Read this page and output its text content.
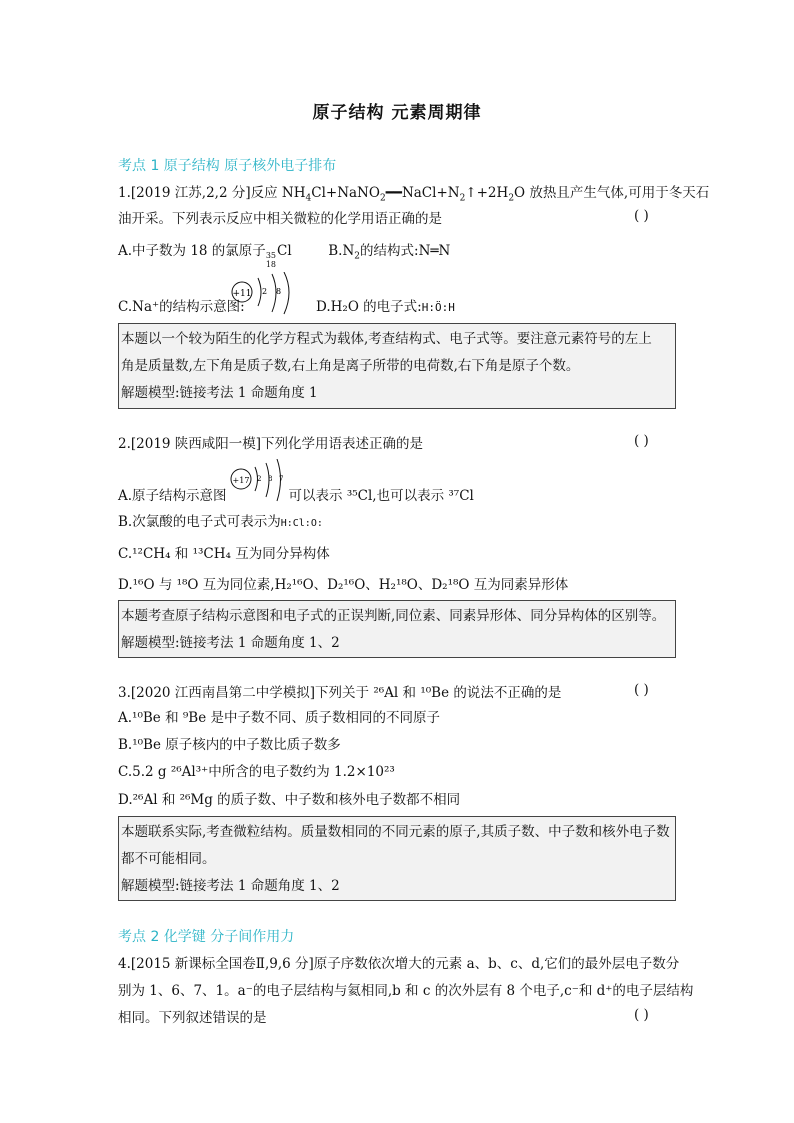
原子结构 元素周期律
考点 1 原子结构 原子核外电子排布
1.[2019 江苏,2,2 分]反应 $NH_4Cl+NaNO_2━━NaCl+N_2↑+2H_2O$ 放热且产生气体,可用于冬天石
油开采。下列表示反应中相关微粒的化学用语正确的是	( )
A.中子数为 18 的氯原子 35
18
Cl	$B.N_2$的结构式:N═N
C.Na⁺的结构示意图:
+11 2 8
D.H₂O 的电子式:H:Ö:H
本题以一个较为陌生的化学方程式为载体,考查结构式、电子式等。要注意元素符号的左上
角是质量数,左下角是质子数,右上角是离子所带的电荷数,右下角是原子个数。
解题模型:链接考法 1 命题角度 1
2.[2019 陕西咸阳一模]下列化学用语表述正确的是	( )
A.原子结构示意图	可以表示 ³⁵Cl,也可以表示 ³⁷Cl
+17 2 8 7
B.次氯酸的电子式可表示为H:Cl:O:
C.¹²CH₄ 和 ¹³CH₄ 互为同分异构体
D.¹⁶O 与 ¹⁸O 互为同位素,H₂¹⁶O、D₂¹⁶O、H₂¹⁸O、D₂¹⁸O 互为同素异形体
本题考查原子结构示意图和电子式的正误判断,同位素、同素异形体、同分异构体的区别等。
解题模型:链接考法 1 命题角度 1、2
3.[2020 江西南昌第二中学模拟]下列关于 ²⁶Al 和 ¹⁰Be 的说法不正确的是	( )
A.¹⁰Be 和 ⁹Be 是中子数不同、质子数相同的不同原子
B.¹⁰Be 原子核内的中子数比质子数多
C.5.2 g ²⁶Al³⁺中所含的电子数约为 1.2×10²³
D.²⁶Al 和 ²⁶Mg 的质子数、中子数和核外电子数都不相同
本题联系实际,考查微粒结构。质量数相同的不同元素的原子,其质子数、中子数和核外电子数
都不可能相同。
解题模型:链接考法 1 命题角度 1、2
考点 2 化学键 分子间作用力
4.[2015 新课标全国卷Ⅱ,9,6 分]原子序数依次增大的元素 a、b、c、d,它们的最外层电子数分
别为 1、6、7、1。a⁻的电子层结构与氦相同,b 和 c 的次外层有 8 个电子,c⁻和 d⁺的电子层结构
相同。下列叙述错误的是	( )
